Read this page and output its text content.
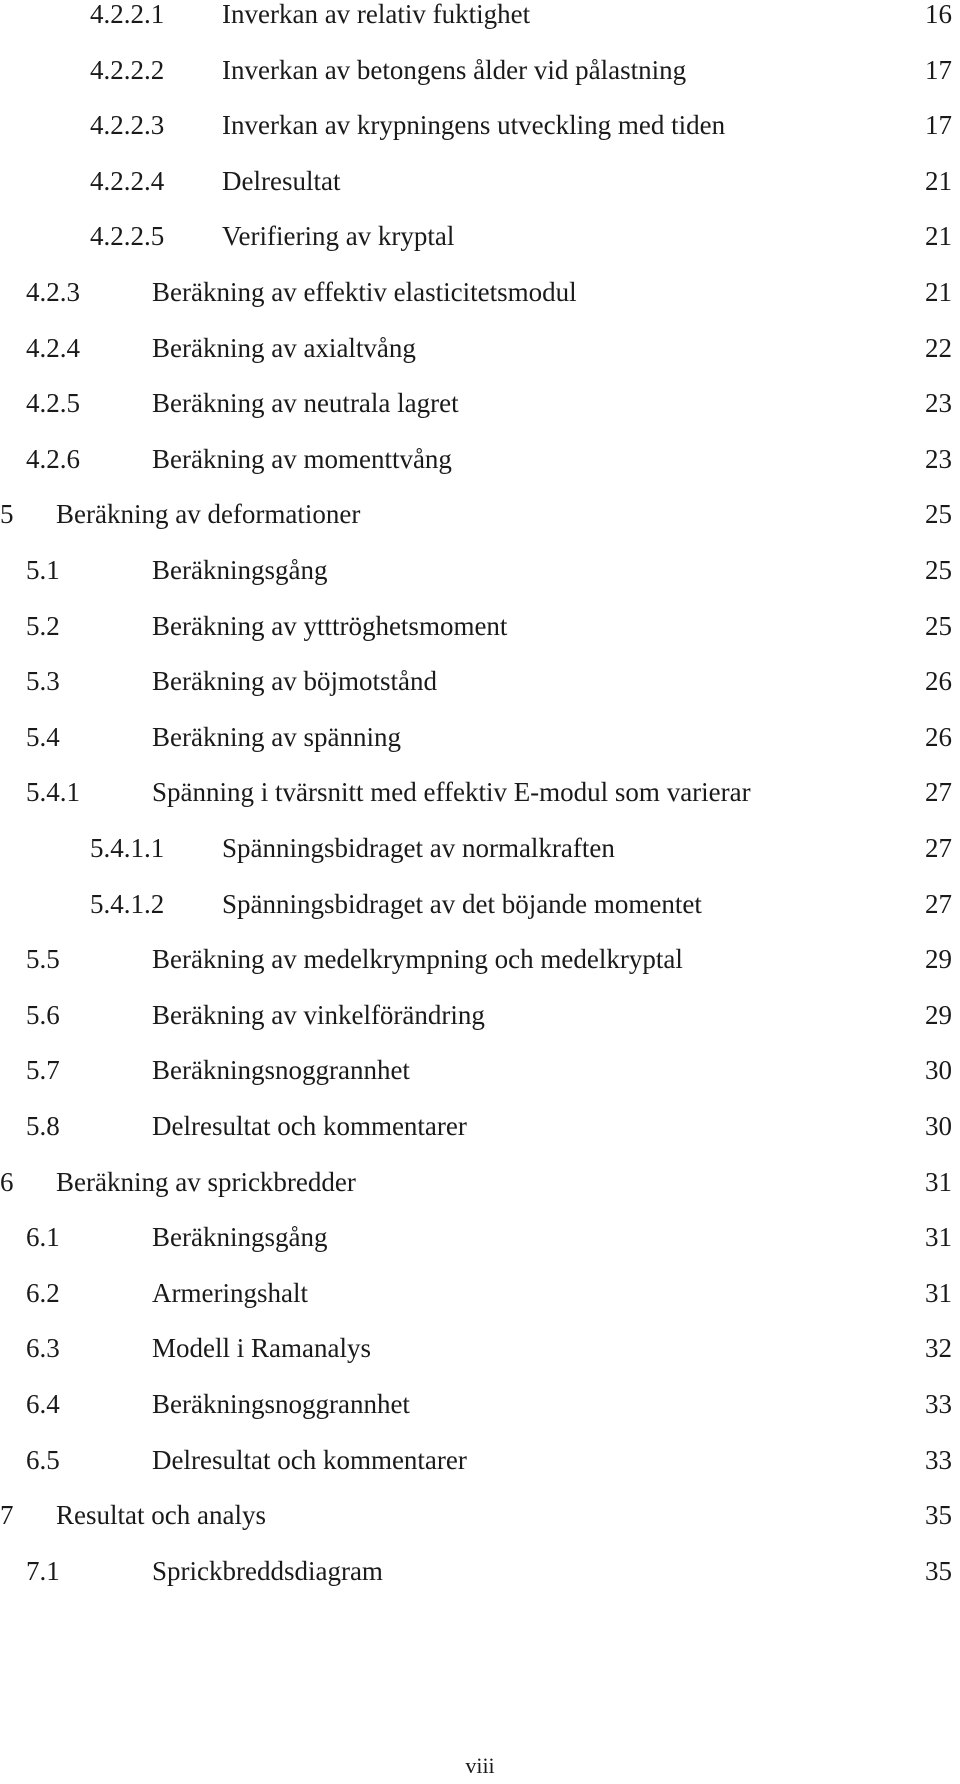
4.2.2.1 Inverkan av relativ fuktighet	16
4.2.2.2 Inverkan av betongens ålder vid pålastning	17
4.2.2.3 Inverkan av krypningens utveckling med tiden	17
4.2.2.4 Delresultat	21
4.2.2.5 Verifiering av kryptal	21
4.2.3	Beräkning av effektiv elasticitetsmodul	21
4.2.4	Beräkning av axialtvång	22
4.2.5	Beräkning av neutrala lagret	23
4.2.6	Beräkning av momenttvång	23
5 Beräkning av deformationer	25
5.1	Beräkningsgång	25
5.2	Beräkning av ytttröghetsmoment	25
5.3	Beräkning av böjmotstånd	26
5.4	Beräkning av spänning	26
5.4.1	Spänning i tvärsnitt med effektiv E-modul som varierar	27
5.4.1.1 Spänningsbidraget av normalkraften	27
5.4.1.2 Spänningsbidraget av det böjande momentet	27
5.5	Beräkning av medelkrympning och medelkryptal	29
5.6	Beräkning av vinkelförändring	29
5.7	Beräkningsnoggrannhet	30
5.8	Delresultat och kommentarer	30
6 Beräkning av sprickbredder	31
6.1	Beräkningsgång	31
6.2	Armeringshalt	31
6.3	Modell i Ramanalys	32
6.4	Beräkningsnoggrannhet	33
6.5	Delresultat och kommentarer	33
7 Resultat och analys	35
7.1	Sprickbreddsdiagram	35
viii
